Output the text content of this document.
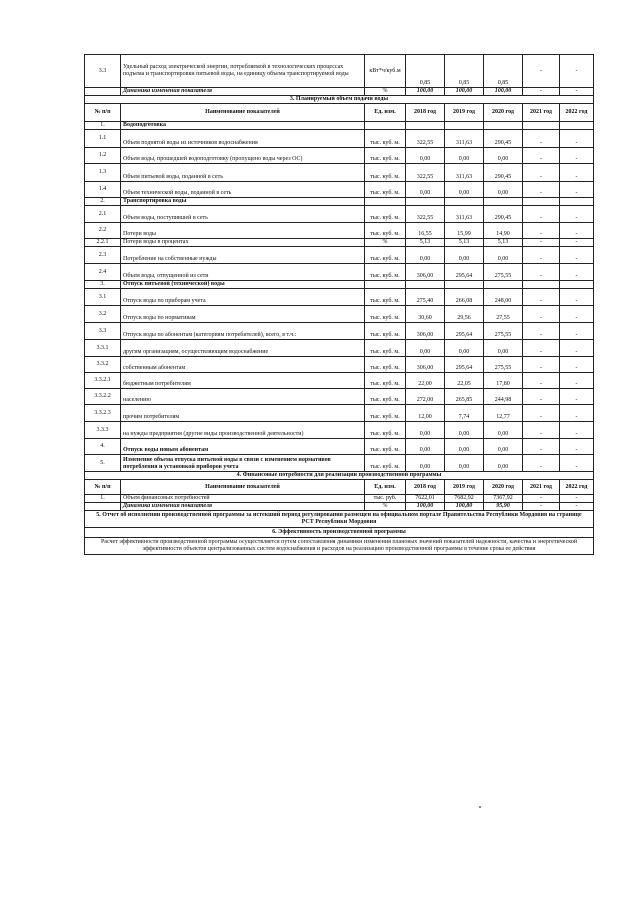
3.3	Удельный расход электрической энергии, потребляемой в технологических процессах подъема и транспортировки питьевой воды, на единицу объема транспортируемой воды	кВт*ч/куб.м	0,85	0,85	0,85	-	-
	Динамика изменения показателя	%	100,00	100,00	100,00	-	-
3. Планируемый объем подачи воды							
№ п/п	Наименование показателей	Ед. изм.	2018 год	2019 год	2020 год	2021 год	2022 год
1.	Водоподготовка						
1.1	Объем поднятой воды из источников водоснабжения	тыс. куб. м.	322,55	311,63	290,45	-	-
1.2	Объем воды, прошедшей водоподготовку (пропущено воды через ОС)	тыс. куб. м.	0,00	0,00	0,00	-	-
1.3	Объем питьевой воды, поданной в сеть	тыс. куб. м.	322,55	311,63	290,45	-	-
1.4	Объем технической воды, поданной в сеть	тыс. куб. м.	0,00	0,00	0,00	-	-
2.	Транспортировка воды						
2.1	Объем воды, поступившей в сеть	тыс. куб. м.	322,55	311,63	290,45	-	-
2.2	Потери воды	тыс. куб. м.	16,55	15,99	14,90	-	-
2.2.1	Потери воды в процентах	%	5,13	5,13	5,13	-	-
2.3	Потребление на собственные нужды	тыс. куб. м.	0,00	0,00	0,00	-	-
2.4	Объем воды, отпущенной из сети	тыс. куб. м.	306,00	295,64	275,55	-	-
3.	Отпуск питьевой (технической) воды						
3.1	Отпуск воды по приборам учета	тыс. куб. м.	275,40	266,08	248,00	-	-
3.2	Отпуск воды по нормативам	тыс. куб. м.	30,60	29,56	27,55	-	-
3.3	Отпуск воды по абонентам (категориям потребителей), всего, в т.ч.:	тыс. куб. м.	306,00	295,64	275,55	-	-
3.3.1	другим организациям, осуществляющим водоснабжение	тыс. куб. м.	0,00	0,00	0,00	-	-
3.3.2	собственным абонентам	тыс. куб. м.	306,00	295,64	275,55	-	-
3.3.2.1	бюджетным потребителям	тыс. куб. м.	22,00	22,05	17,80	-	-
3.3.2.2	населению	тыс. куб. м.	272,00	265,85	244,98	-	-
3.3.2.3	прочим потребителям	тыс. куб. м.	12,00	7,74	12,77	-	-
3.3.3	на нужды предприятия (другие виды производственной деятельности)	тыс. куб. м.	0,00	0,00	0,00	-	-
4.	Отпуск воды новым абонентам	тыс. куб. м.	0,00	0,00	0,00	-	-
5.	Изменение объема отпуска питьевой воды в связи с изменением нормативов потребления и установкой приборов учета	тыс. куб. м.	0,00	0,00	0,00	-	-
4. Финансовые потребности для реализации производственной программы							
№ п/п	Наименование показателей	Ед. изм.	2018 год	2019 год	2020 год	2021 год	2022 год
1.	Объем финансовых потребностей	тыс. руб.	7622,01	7682,92	7367,92	-	-
	Динамика изменения показателя	%	100,00	100,80	95,90	-	-
5. Отчет об исполнении производственной программы за истекший период регулирования размещен на официальном портале Правительства Республики Мордовия на странице РСТ Республики Мордовия
6. Эффективность производственной программы
Расчет эффективности производственной программы осуществляется путем сопоставления динамики изменения плановых значений показателей надежности, качества и энергетической эффективности объектов централизованных систем водоснабжения и расходов на реализацию производственной программы в течение срока ее действия
